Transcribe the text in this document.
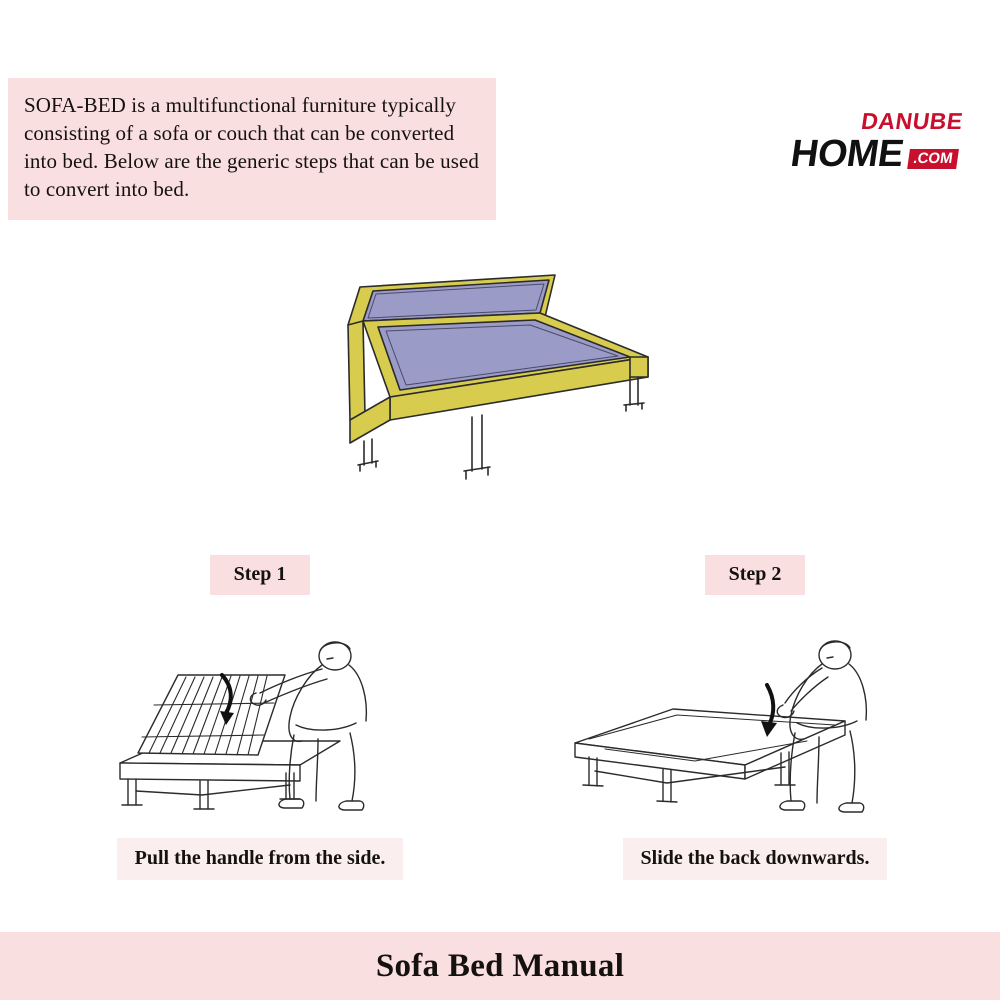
SOFA-BED is a multifunctional furniture typically consisting of a sofa or couch that can be converted into bed. Below are the generic steps that can be used to convert into bed.

DANUBE
HOME .COM
Step 1
Pull the handle from the side.
Step 2
Slide the back downwards.
Sofa Bed Manual
